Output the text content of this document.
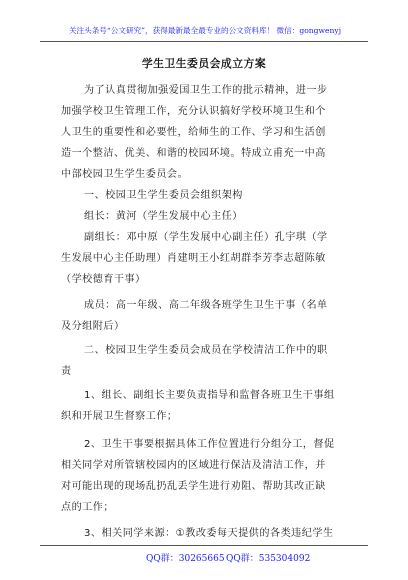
关注头条号“公文研究”，获得最新最全最专业的公文资料库！ 微信：gongwenyj
学生卫生委员会成立方案
为了认真贯彻加强爱国卫生工作的批示精神，进一步
加强学校卫生管理工作，充分认识搞好学校环境卫生和个
人卫生的重要性和必要性，给师生的工作、学习和生活创
造一个整洁、优美、和谐的校园环境。特成立甫充一中高
中部校园卫生学生委员会。
一、校园卫生学生委员会组织架构
组长：黄河（学生发展中心主任）
副组长：邓中原（学生发展中心副主任）孔宇琪（学
生发展中心主任助理）肖建明王小红胡群李芳李志超陈敏
（学校德育干事）
成员：高一年级、高二年级各班学生卫生干事（名单
及分组附后）
二、校园卫生学生委员会成员在学校清洁工作中的职
责
1、组长、副组长主要负责指导和监督各班卫生干事组
织和开展卫生督察工作；
2、卫生干事要根据具体工作位置进行分组分工，督促
相关同学对所管辖校园内的区域进行保洁及清洁工作，并
对可能出现的现场乱扔乱丢学生进行劝阻、帮助其改正缺
点的工作；
3、相关同学来源：①教改委每天提供的各类违纪学生
QQ群：30265665 QQ群：535304092
